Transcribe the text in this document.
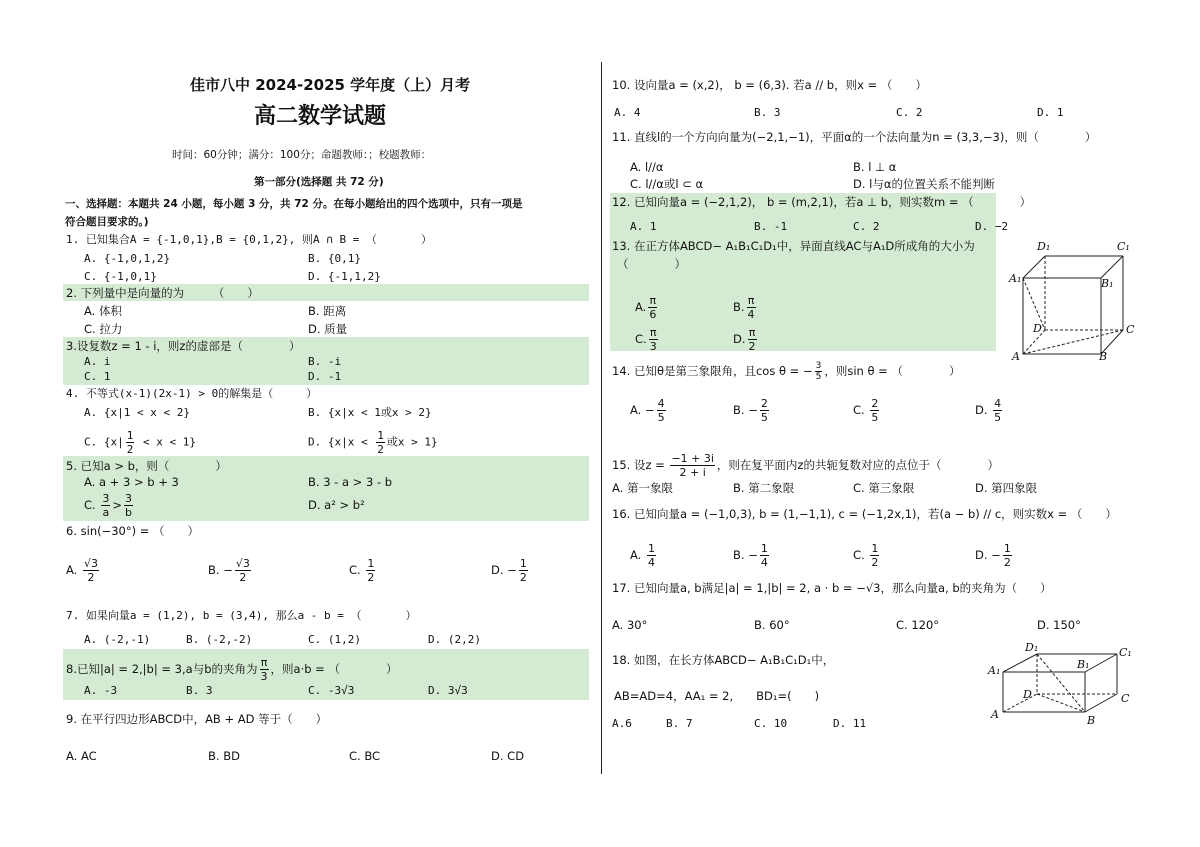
佳市八中 2024-2025 学年度（上）月考
高二数学试题
时间：60分钟；满分：100分；命题教师：；校题教师：
第一部分(选择题 共 72 分)
一、选择题：本题共 24 小题，每小题 3 分，共 72 分。在每小题给出的四个选项中，只有一项是
符合题目要求的。)
1. 已知集合A = {-1,0,1},B = {0,1,2}, 则A ∩ B = （　　　　）
A. {-1,0,1,2}	B. {0,1}
C. {-1,0,1}	D. {-1,1,2}
2. 下列量中是向量的为　　　（　　）
A. 体积	B. 距离
C. 拉力	D. 质量
3.设复数z = 1 - i，则z的虚部是（　　　　）
A. i	B. -i
C. 1	D. -1
4. 不等式(x-1)(2x-1) > 0的解集是（　　　）
A. {x|1 < x < 2}	B. {x|x < 1或x > 2}
C. $\{x| \frac{1}{2} < x < 1\}$	D. {$x|x < \frac{1}{2}$ 或x > 1}
5. 已知a > b，则（　　　　）
A. a + 3 > b + 3	B. 3 - a > 3 - b
C. $\frac{3}{a} > \frac{3}{b}$	D. a² > b²
6. sin(−30°) = （　　）
A. $\frac{√3}{2}$	B. − $\frac{√3}{2}$	C. $\frac{1}{2}$	D. − $\frac{1}{2}$
7. 如果向量a = (1,2), b = (3,4), 那么a - b = （　　　　）
A. (-2,-1)	B. (-2,-2)	C. (1,2)	D. (2,2)
8.已知|a| = 2,|b| = 3,a与b的夹角为 $\frac{\pi}{3}$ ，则a·b = （　　　　）
A. -3	B. 3	C. -3√3	D. 3√3
9. 在平行四边形ABCD中，AB + AD 等于（　　）
A. AC	B. BD	C. BC	D. CD
10. 设向量a = (x,2)， b = (6,3). 若a // b，则x = （　　）
A. 4	B. 3	C. 2	D. 1
11. 直线l的一个方向向量为(−2,1,−1)，平面α的一个法向量为n = (3,3,−3)，则（　　　　）
A. l//α	B. l ⊥ α
C. l//α或l ⊂ α	D. l与α的位置关系不能判断
12. 已知向量a = (−2,1,2)， b = (m,2,1)，若a ⊥ b，则实数m = （　　　　）
A. 1	B. -1	C. 2	D. −2
13. 在正方体ABCD− A₁B₁C₁D₁中，异面直线AC与A₁D所成角的大小为
（　　　　）
A. $\frac{\pi}{6}$	B. $\frac{\pi}{4}$
C. $\frac{\pi}{3}$	D. $\frac{\pi}{2}$
D₁	C₁
A₁	B₁
D	C
A	B
14. 已知θ是第三象限角，且cos θ = − $\frac{3}{5}$ ，则sin θ = （　　　　）
A. − $\frac{4}{5}$	B. − $\frac{2}{5}$	C. $\frac{2}{5}$	D. $\frac{4}{5}$
15. 设$z = \frac{-1 + 3i}{2 + i}$ ，则在复平面内z的共轭复数对应的点位于（　　　　）
A. 第一象限	B. 第二象限	C. 第三象限	D. 第四象限
16. 已知向量a = (−1,0,3), b = (1,−1,1), c = (−1,2x,1)，若(a − b) // c，则实数x = （　　）
A. $\frac{1}{4}$	B. − $\frac{1}{4}$	C. $\frac{1}{2}$	D. − $\frac{1}{2}$
17. 已知向量a, b满足|a| = 1,|b| = 2, a · b = −√3，那么向量a, b的夹角为（　　）
A. 30°	B. 60°	C. 120°	D. 150°
18. 如图，在长方体ABCD− A₁B₁C₁D₁中，
AB=AD=4，AA₁ = 2,　　BD₁=(　　)
A.6	B. 7	C. 10	D. 11
D₁	C₁
A₁	B₁
D	C
A	B
